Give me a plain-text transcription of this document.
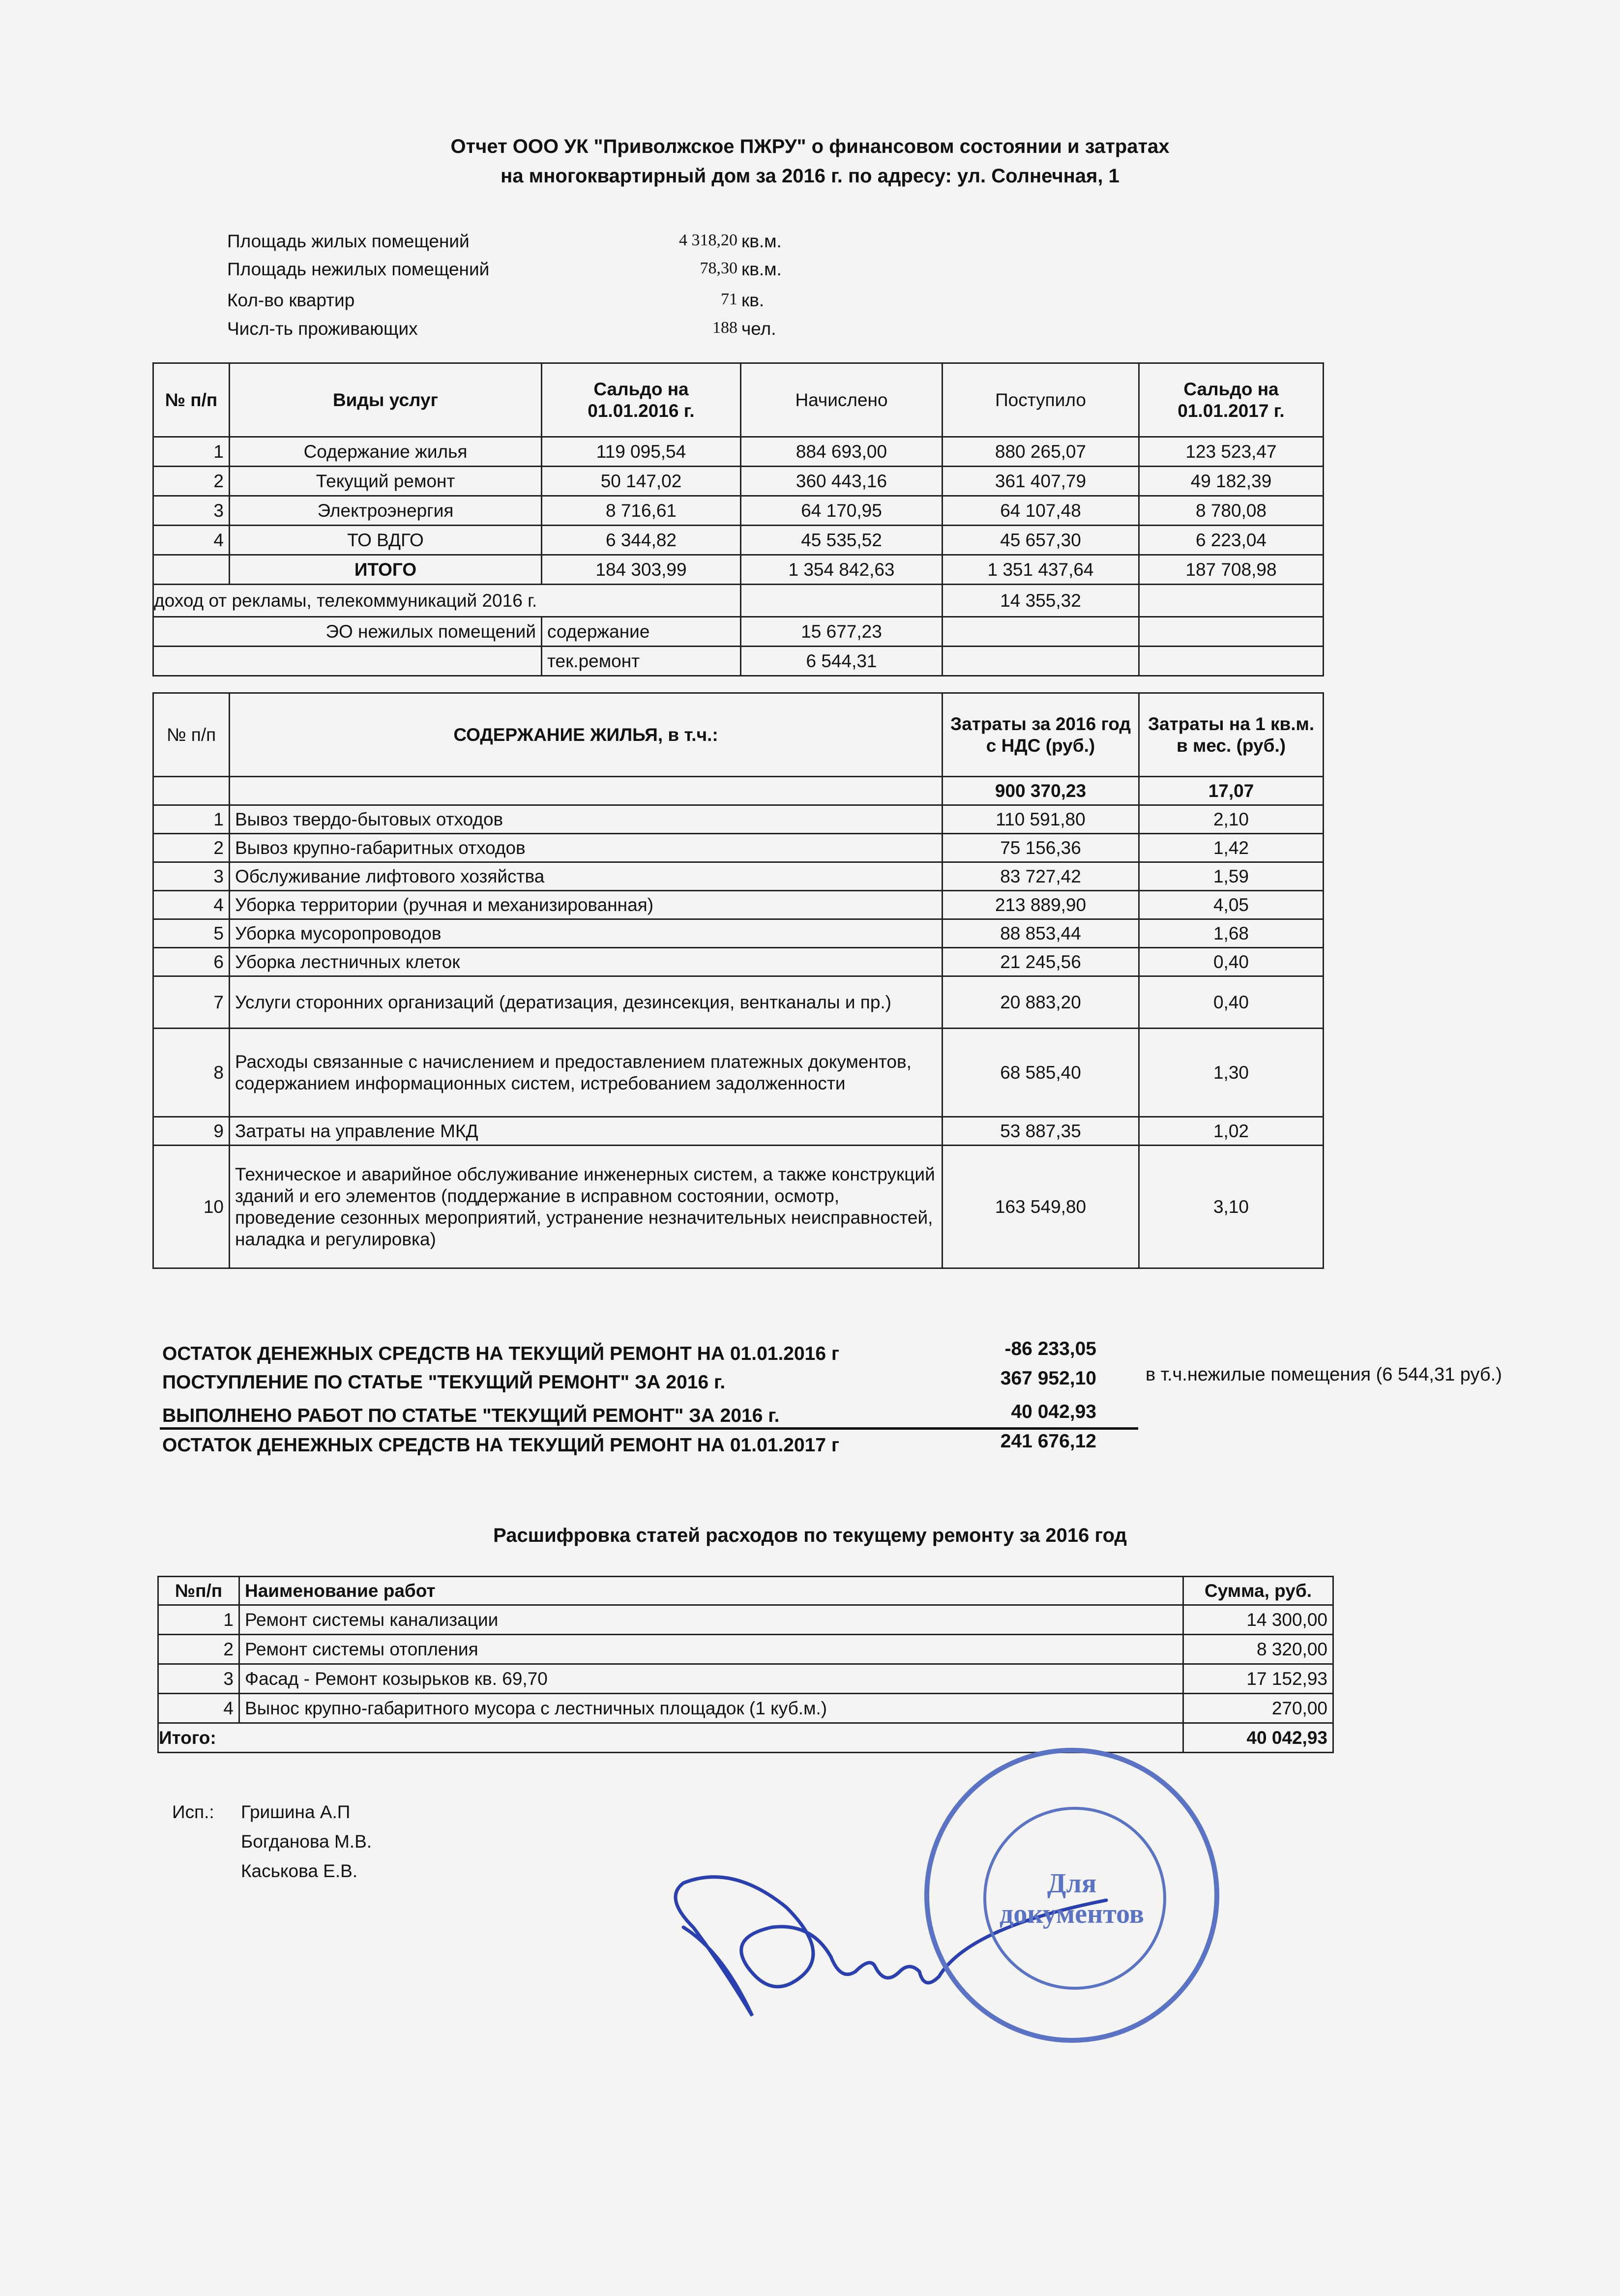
Отчет ООО УК "Приволжское ПЖРУ" о финансовом состоянии и затратах
на многоквартирный дом за 2016 г. по адресу: ул. Солнечная, 1
Площадь жилых помещений	4 318,20 кв.м.
Площадь нежилых помещений	78,30 кв.м.
Кол-во квартир	71 кв.
Числ-ть проживающих	188 чел.
№ п/п	Виды услуг	Сальдо на 01.01.2016 г.	Начислено	Поступило	Сальдо на 01.01.2017 г.
1	Содержание жилья	119 095,54	884 693,00	880 265,07	123 523,47
2	Текущий ремонт	50 147,02	360 443,16	361 407,79	49 182,39
3	Электроэнергия	8 716,61	64 170,95	64 107,48	8 780,08
4	ТО ВДГО	6 344,82	45 535,52	45 657,30	6 223,04
	ИТОГО	184 303,99	1 354 842,63	1 351 437,64	187 708,98
доход от рекламы, телекоммуникаций 2016 г.				14 355,32	
ЭО нежилых помещений		содержание	15 677,23		
		тек.ремонт	6 544,31		
№ п/п	СОДЕРЖАНИЕ ЖИЛЬЯ, в т.ч.:	Затраты за 2016 год с НДС (руб.)	Затраты на 1 кв.м. в мес. (руб.)
		900 370,23	17,07
1	Вывоз твердо-бытовых отходов	110 591,80	2,10
2	Вывоз крупно-габаритных отходов	75 156,36	1,42
3	Обслуживание лифтового хозяйства	83 727,42	1,59
4	Уборка территории (ручная и механизированная)	213 889,90	4,05
5	Уборка мусоропроводов	88 853,44	1,68
6	Уборка лестничных клеток	21 245,56	0,40
7	Услуги сторонних организаций (дератизация, дезинсекция, вентканалы и пр.)	20 883,20	0,40
8	Расходы связанные с начислением и предоставлением платежных документов, содержанием информационных систем, истребованием задолженности	68 585,40	1,30
9	Затраты на управление МКД	53 887,35	1,02
10	Техническое и аварийное обслуживание инженерных систем, а также конструкций зданий и его элементов (поддержание в исправном состоянии, осмотр, проведение сезонных мероприятий, устранение незначительных неисправностей, наладка и регулировка)	163 549,80	3,10
ОСТАТОК ДЕНЕЖНЫХ СРЕДСТВ НА ТЕКУЩИЙ РЕМОНТ НА 01.01.2016 г	-86 233,05
ПОСТУПЛЕНИЕ ПО СТАТЬЕ "ТЕКУЩИЙ РЕМОНТ" ЗА 2016 г.	367 952,10	в т.ч.нежилые помещения (6 544,31 руб.)
ВЫПОЛНЕНО РАБОТ ПО СТАТЬЕ "ТЕКУЩИЙ РЕМОНТ" ЗА 2016 г.	40 042,93
ОСТАТОК ДЕНЕЖНЫХ СРЕДСТВ НА ТЕКУЩИЙ РЕМОНТ НА 01.01.2017 г	241 676,12
Расшифровка статей расходов по текущему ремонту за 2016 год
№п/п	Наименование работ	Сумма, руб.
1	Ремонт системы канализации	14 300,00
2	Ремонт системы отопления	8 320,00
3	Фасад - Ремонт козырьков кв. 69,70	17 152,93
4	Вынос крупно-габаритного мусора с лестничных площадок (1 куб.м.)	270,00
Итого:		40 042,93
Исп.: Гришина А.П
Богданова М.В.
Каськова Е.В.	Для
документов
